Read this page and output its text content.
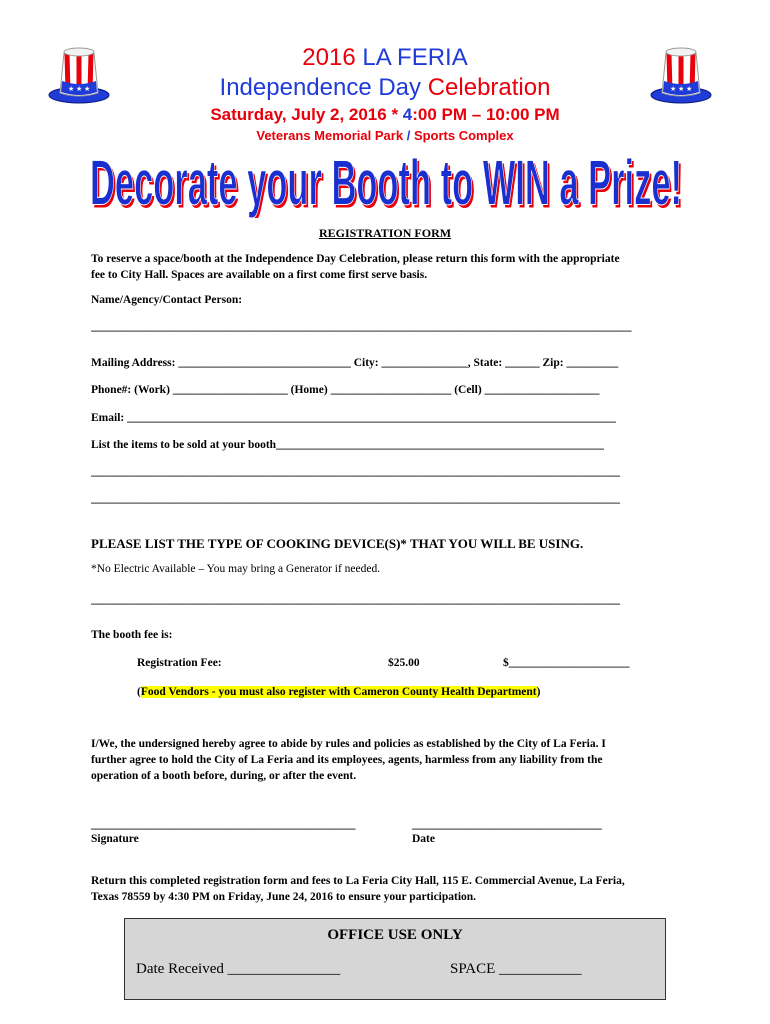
★ ★ ★	★ ★ ★
2016 LA FERIA
Independence Day Celebration
Saturday, July 2, 2016 * 4:00 PM – 10:00 PM
Veterans Memorial Park / Sports Complex
Decorate your Booth to WIN a Prize!
Decorate your Booth to WIN a Prize!
REGISTRATION FORM
To reserve a space/booth at the Independence Day Celebration, please return this form with the appropriate
fee to City Hall. Spaces are available on a first come first serve basis.
Name/Agency/Contact Person:
______________________________________________________________________________________________
Mailing Address: ______________________________ City: _______________, State: ______ Zip: _________
Phone#: (Work) ____________________ (Home) _____________________ (Cell) ____________________
Email: _____________________________________________________________________________________
List the items to be sold at your booth_________________________________________________________
____________________________________________________________________________________________
____________________________________________________________________________________________
PLEASE LIST THE TYPE OF COOKING DEVICE(S)* THAT YOU WILL BE USING.
*No Electric Available – You may bring a Generator if needed.
____________________________________________________________________________________________
The booth fee is:
Registration Fee:	$25.00	$_____________________
(Food Vendors - you must also register with Cameron County Health Department)
I/We, the undersigned hereby agree to abide by rules and policies as established by the City of La Feria. I
further agree to hold the City of La Feria and its employees, agents, harmless from any liability from the
operation of a booth before, during, or after the event.
______________________________________________
Signature
_________________________________
Date
Return this completed registration form and fees to La Feria City Hall, 115 E. Commercial Avenue, La Feria,
Texas 78559 by 4:30 PM on Friday, June 24, 2016 to ensure your participation.
OFFICE USE ONLY
Date Received _______________	SPACE ___________
